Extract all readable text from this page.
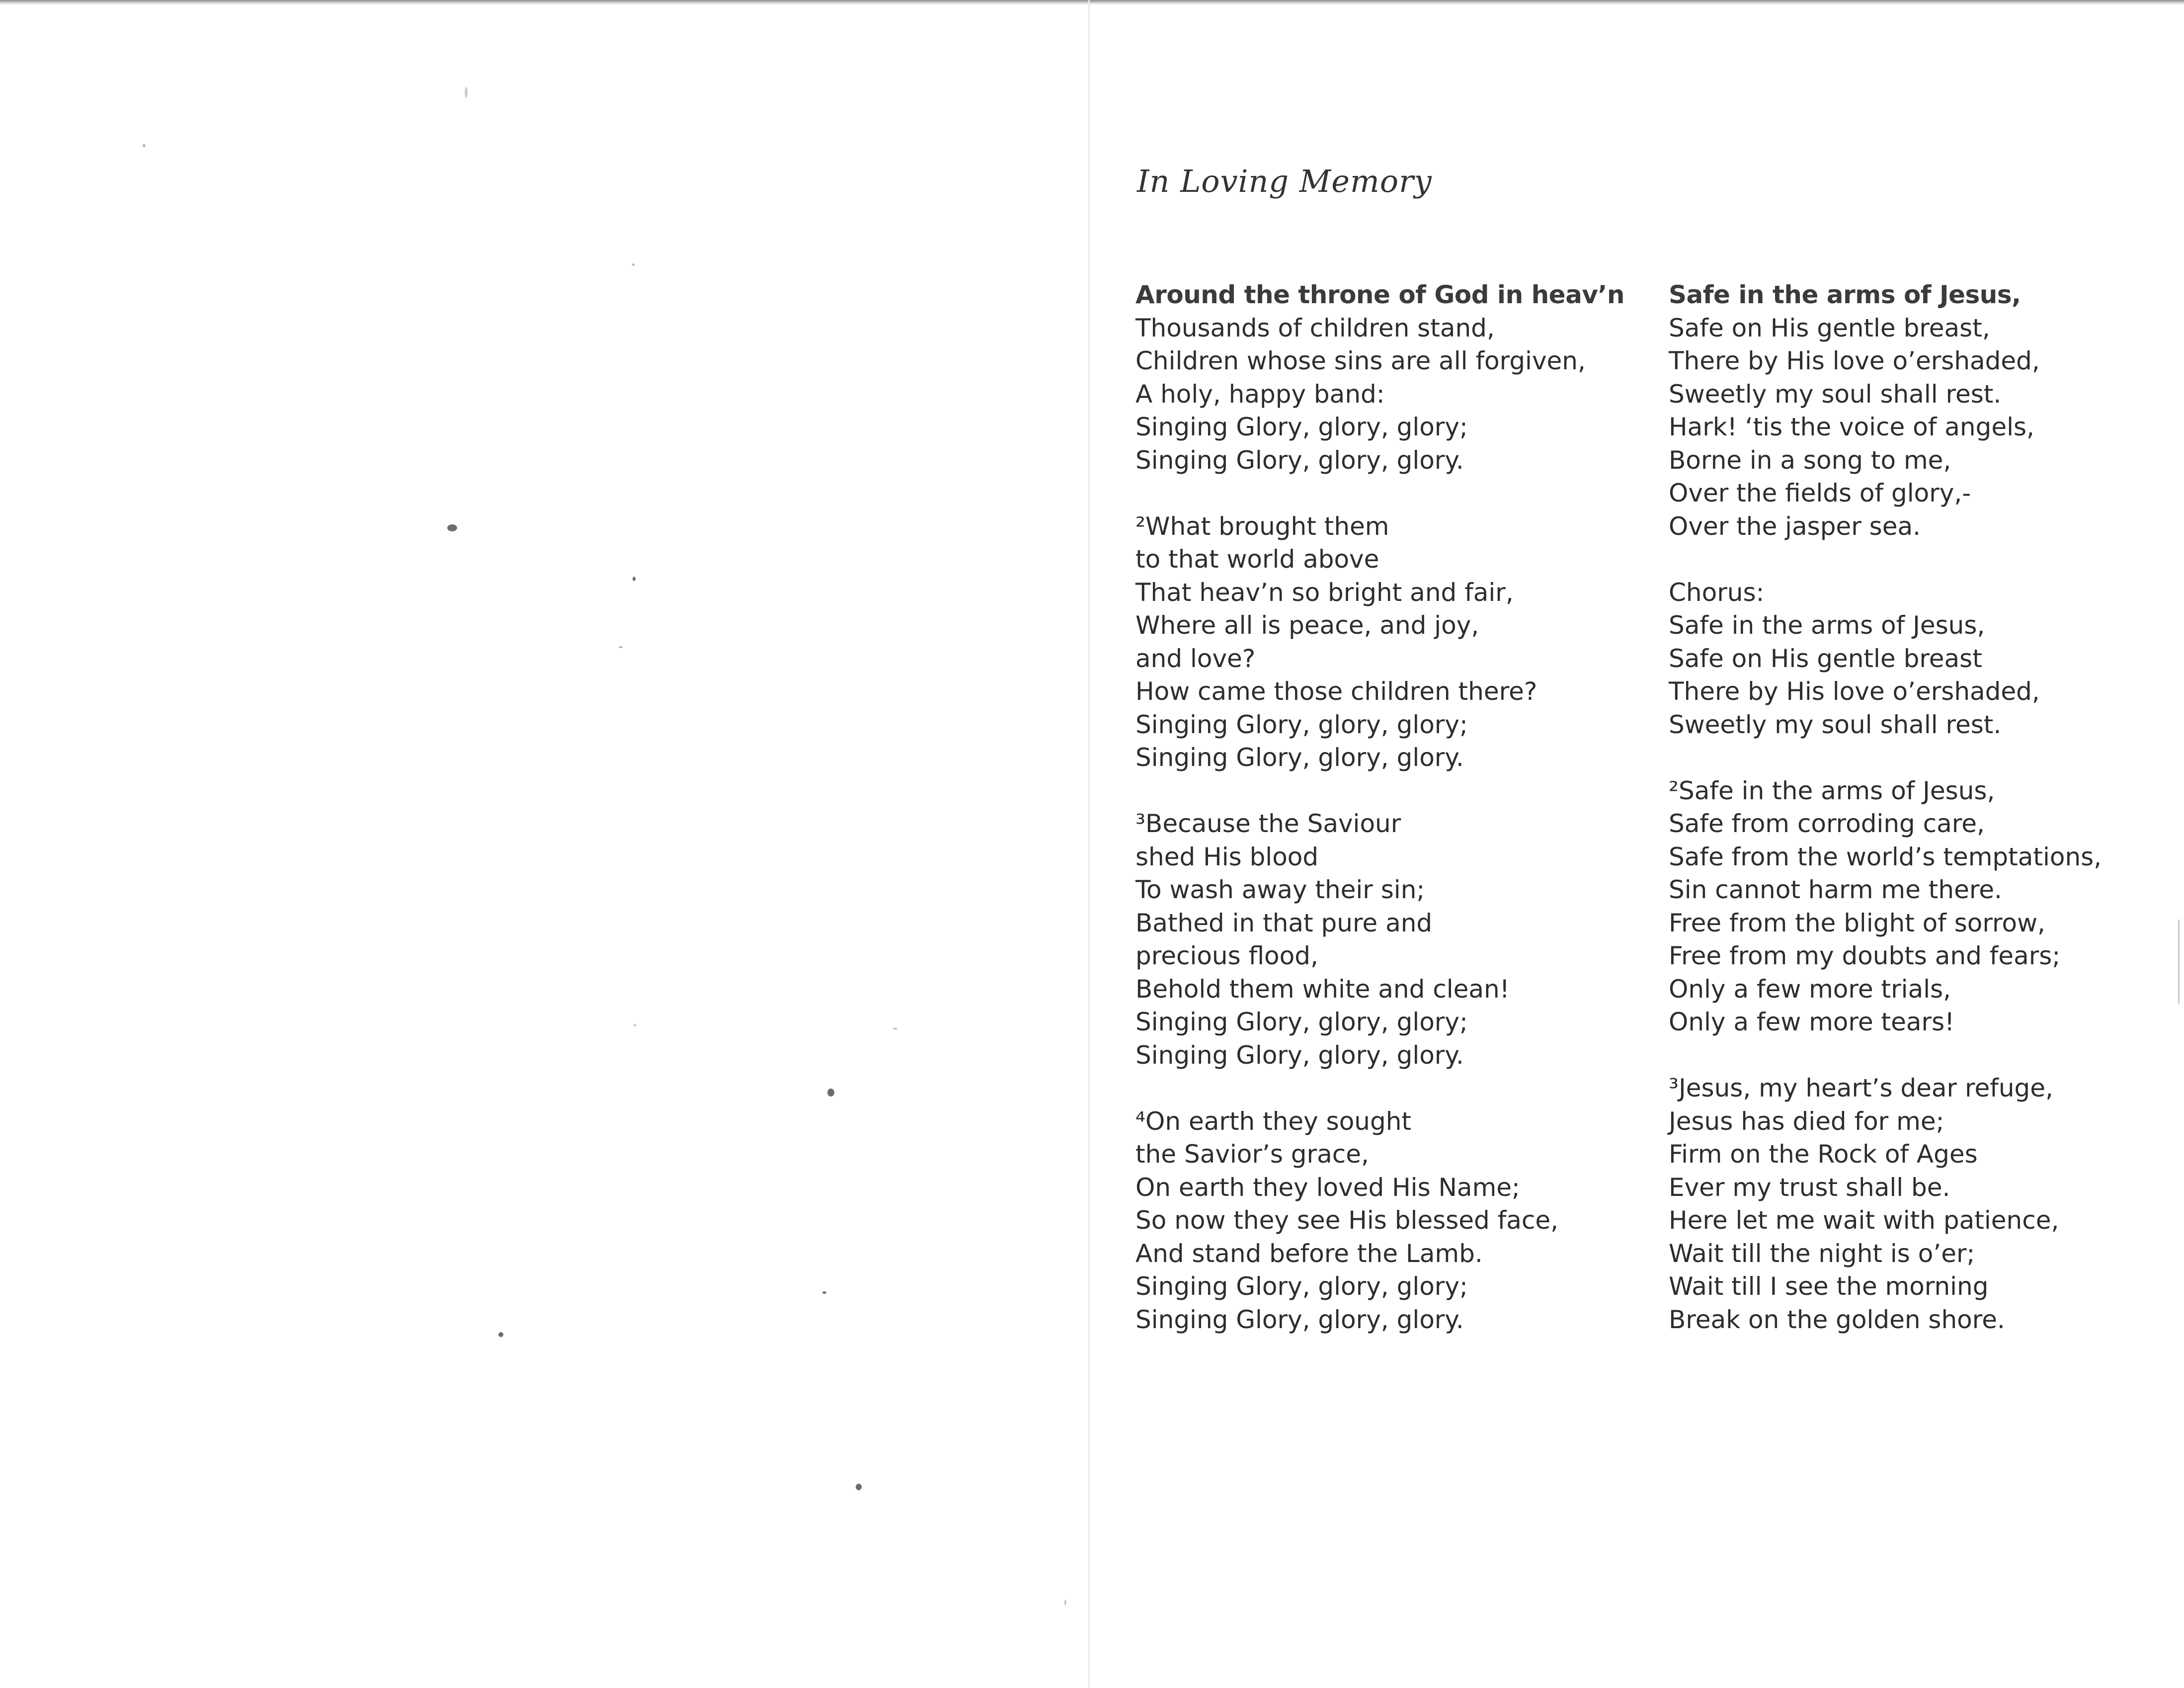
In Loving Memory
Around the throne of God in heav’n
Thousands of children stand,
Children whose sins are all forgiven,
A holy, happy band:
Singing Glory, glory, glory;
Singing Glory, glory, glory.
²What brought them
to that world above
That heav’n so bright and fair,
Where all is peace, and joy,
and love?
How came those children there?
Singing Glory, glory, glory;
Singing Glory, glory, glory.
³Because the Saviour
shed His blood
To wash away their sin;
Bathed in that pure and
precious flood,
Behold them white and clean!
Singing Glory, glory, glory;
Singing Glory, glory, glory.
⁴On earth they sought
the Savior’s grace,
On earth they loved His Name;
So now they see His blessed face,
And stand before the Lamb.
Singing Glory, glory, glory;
Singing Glory, glory, glory.
Safe in the arms of Jesus,
Safe on His gentle breast,
There by His love o’ershaded,
Sweetly my soul shall rest.
Hark! ‘tis the voice of angels,
Borne in a song to me,
Over the fields of glory,-
Over the jasper sea.
Chorus:
Safe in the arms of Jesus,
Safe on His gentle breast
There by His love o’ershaded,
Sweetly my soul shall rest.
²Safe in the arms of Jesus,
Safe from corroding care,
Safe from the world’s temptations,
Sin cannot harm me there.
Free from the blight of sorrow,
Free from my doubts and fears;
Only a few more trials,
Only a few more tears!
³Jesus, my heart’s dear refuge,
Jesus has died for me;
Firm on the Rock of Ages
Ever my trust shall be.
Here let me wait with patience,
Wait till the night is o’er;
Wait till I see the morning
Break on the golden shore.
